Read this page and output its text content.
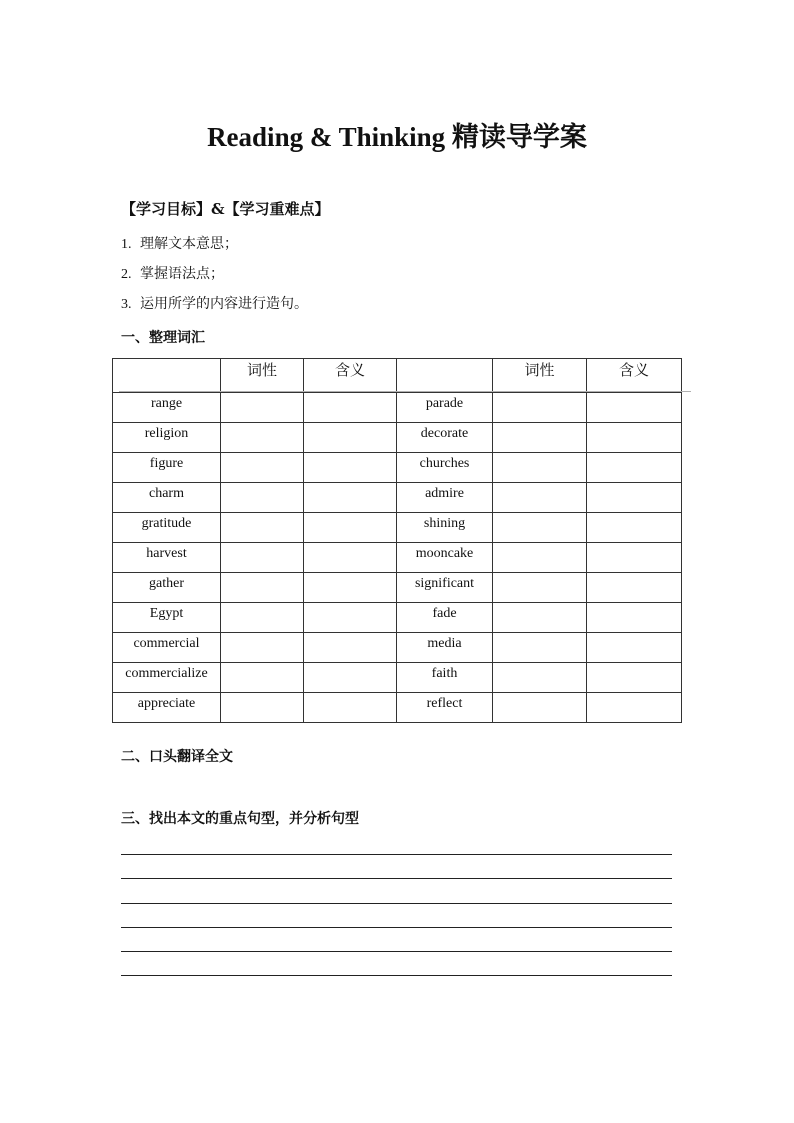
Reading & Thinking 精读导学案
【学习目标】&【学习重难点】
1. 理解文本意思；
2. 掌握语法点；
3. 运用所学的内容进行造句。
一、整理词汇
	词性	含义		词性	含义
range			parade		
religion			decorate		
figure			churches		
charm			admire		
gratitude			shining		
harvest			mooncake		
gather			significant		
Egypt			fade		
commercial			media		
commercialize			faith		
appreciate			reflect		
二、口头翻译全文
三、找出本文的重点句型，并分析句型
